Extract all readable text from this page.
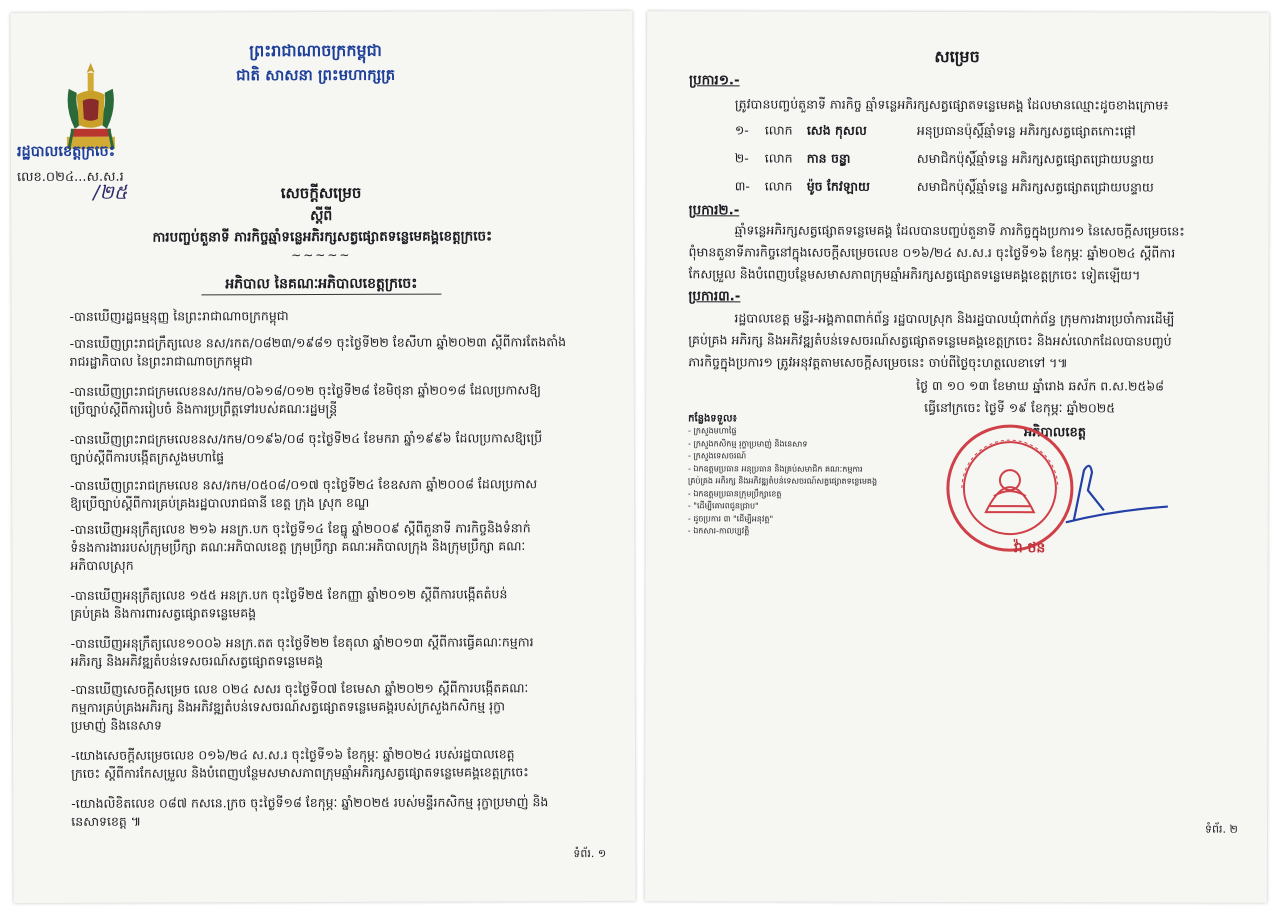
ព្រះរាជាណាចក្រកម្ពុជា
ជាតិ សាសនា ព្រះមហាក្សត្រ
រដ្ឋបាលខេត្តក្រចេះ
លេខ.០២៤...ស.ស.រ
/២៥	សេចក្តីសម្រេច
ស្តីពី
ការបញ្ចប់តួនាទី ភារកិច្ចឆ្មាំទន្លេអភិរក្សសត្វផ្សោតទន្លេមេគង្គខេត្តក្រចេះ
~~~~~
អភិបាល នៃគណៈអភិបាលខេត្តក្រចេះ
-បានឃើញរដ្ឋធម្មនុញ្ញ នៃព្រះរាជាណាចក្រកម្ពុជា
-បានឃើញព្រះរាជក្រឹត្យលេខ នស/រកត/០៨២៣/១៩៨១ ចុះថ្ងៃទី២២ ខែសីហា ឆ្នាំ២០២៣ ស្តីពីការតែងតាំង
រាជរដ្ឋាភិបាល នៃព្រះរាជាណាចក្រកម្ពុជា
-បានឃើញព្រះរាជក្រមលេខនស/រកម/០៦១៨/០១២ ចុះថ្ងៃទី២៨ ខែមិថុនា ឆ្នាំ២០១៨ ដែលប្រកាសឱ្យ
ប្រើច្បាប់ស្តីពីការរៀបចំ និងការប្រព្រឹត្តទៅរបស់គណៈរដ្ឋមន្ត្រី
-បានឃើញព្រះរាជក្រមលេខនស/រកម/០១៩៦/០៨ ចុះថ្ងៃទី២៤ ខែមករា ឆ្នាំ១៩៩៦ ដែលប្រកាសឱ្យប្រើ
ច្បាប់ស្តីពីការបង្កើតក្រសួងមហាផ្ទៃ
-បានឃើញព្រះរាជក្រមលេខ នស/រកម/០៥០៨/០១៧ ចុះថ្ងៃទី២៤ ខែឧសភា ឆ្នាំ២០០៨ ដែលប្រកាស
ឱ្យប្រើច្បាប់ស្តីពីការគ្រប់គ្រងរដ្ឋបាលរាជធានី ខេត្ត ក្រុង ស្រុក ខណ្ឌ
-បានឃើញអនុក្រឹត្យលេខ ២១៦ អនក្រ.បក ចុះថ្ងៃទី១៤ ខែធ្នូ ឆ្នាំ២០០៩ ស្តីពីតួនាទី ភារកិច្ចនិងទំនាក់
ទំនងការងាររបស់ក្រុមប្រឹក្សា គណៈអភិបាលខេត្ត ក្រុមប្រឹក្សា គណៈអភិបាលក្រុង និងក្រុមប្រឹក្សា គណៈ
អភិបាលស្រុក
-បានឃើញអនុក្រឹត្យលេខ ១៥៥ អនក្រ.បក ចុះថ្ងៃទី២៥ ខែកញ្ញា ឆ្នាំ២០១២ ស្តីពីការបង្កើតតំបន់
គ្រប់គ្រង និងការពារសត្វផ្សោតទន្លេមេគង្គ
-បានឃើញអនុក្រឹត្យលេខ១០០៦ អនក្រ.តត ចុះថ្ងៃទី២២ ខែតុលា ឆ្នាំ២០១៣ ស្តីពីការធ្វើគណៈកម្មការ
អភិរក្ស និងអភិវឌ្ឍតំបន់ទេសចរណ៍សត្វផ្សោតទន្លេមេគង្គ
-បានឃើញសេចក្តីសម្រេច លេខ ០២៤ សសរ ចុះថ្ងៃទី០៧ ខែមេសា ឆ្នាំ២០២១ ស្តីពីការបង្កើតគណៈ
កម្មការគ្រប់គ្រងអភិរក្ស និងអភិវឌ្ឍតំបន់ទេសចរណ៍សត្វផ្សោតទន្លេមេគង្គរបស់ក្រសួងកសិកម្ម រុក្ខា
ប្រមាញ់ និងនេសាទ
-យោងសេចក្តីសម្រេចលេខ ០១៦/២៤ ស.ស.រ ចុះថ្ងៃទី១៦ ខែកុម្ភៈ ឆ្នាំ២០២៤ របស់រដ្ឋបាលខេត្ត
ក្រចេះ ស្តីពីការកែសម្រួល និងបំពេញបន្ថែមសមាសភាពក្រុមឆ្មាំអភិរក្សសត្វផ្សោតទន្លេមេគង្គខេត្តក្រចេះ
-យោងលិខិតលេខ ០៨៧ កសនេ.ក្រច ចុះថ្ងៃទី១៨ ខែកុម្ភៈ ឆ្នាំ២០២៥ របស់មន្ទីរកសិកម្ម រុក្ខាប្រមាញ់ និង
នេសាទខេត្ត ៕
ទំព័រ. ១
សម្រេច
ប្រការ១.-
ត្រូវបានបញ្ចប់តួនាទី ភារកិច្ច ឆ្មាំទន្លេអភិរក្សសត្វផ្សោតទន្លេមេគង្គ ដែលមានឈ្មោះដូចខាងក្រោម៖
១- លោក សេង កុសល	អនុប្រធានប៉ុស្តិ៍ឆ្មាំទន្លេ អភិរក្សសត្វផ្សោតកោះផ្ដៅ
២- លោក កាន ចន្ធ្លា	សមាជិកប៉ុស្តិ៍ឆ្មាំទន្លេ អភិរក្សសត្វផ្សោតជ្រោយបន្ទាយ
៣- លោក ម៉ូច កែវឡាយ	សមាជិកប៉ុស្តិ៍ឆ្មាំទន្លេ អភិរក្សសត្វផ្សោតជ្រោយបន្ទាយ
ប្រការ២.-
ឆ្មាំទន្លេអភិរក្សសត្វផ្សោតទន្លេមេគង្គ ដែលបានបញ្ចប់តួនាទី ភារកិច្ចក្នុងប្រការ១ នៃសេចក្តីសម្រេចនេះ
ពុំមានតួនាទីភារកិច្ចនៅក្នុងសេចក្តីសម្រេចលេខ ០១៦/២៤ ស.ស.រ ចុះថ្ងៃទី១៦ ខែកុម្ភៈ ឆ្នាំ២០២៤ ស្តីពីការ
កែសម្រួល និងបំពេញបន្ថែមសមាសភាពក្រុមឆ្មាំអភិរក្សសត្វផ្សោតទន្លេមេគង្គខេត្តក្រចេះ ទៀតឡើយ។
ប្រការ៣.-
រដ្ឋបាលខេត្ត មន្ទីរ-អង្គភាពពាក់ព័ន្ធ រដ្ឋបាលស្រុក និងរដ្ឋបាលឃុំពាក់ព័ន្ធ ក្រុមការងារប្រចាំការដើម្បី
គ្រប់គ្រង អភិរក្ស និងអភិវឌ្ឍតំបន់ទេសចរណ៍សត្វផ្សោតទន្លេមេគង្គខេត្តក្រចេះ និងអស់លោកដែលបានបញ្ចប់
ភារកិច្ចក្នុងប្រការ១ ត្រូវអនុវត្តតាមសេចក្តីសម្រេចនេះ ចាប់ពីថ្ងៃចុះហត្ថលេខាទៅ ។៕
ថ្ងៃ ៣ ១០ ១៣ ខែមាឃ ឆ្នាំរោង ឆស័ក ព.ស.២៥៦៨
ធ្វើនៅក្រចេះ ថ្ងៃទី ១៩ ខែកុម្ភៈ ឆ្នាំ២០២៥
អភិបាលខេត្ត
វ៉ា ថន
កន្លែងទទួល៖
- ក្រសួងមហាផ្ទៃ
- ក្រសួងកសិកម្ម រុក្ខាប្រមាញ់ និងនេសាទ
- ក្រសួងទេសចរណ៍
- ឯកឧត្តមប្រធាន អនុប្រធាន និងគ្រប់សមាជិក គណៈកម្មការ
គ្រប់គ្រង អភិរក្ស និងអភិវឌ្ឍតំបន់ទេសចរណ៍សត្វផ្សោតទន្លេមេគង្គ
- ឯកឧត្តមប្រធានក្រុមប្រឹក្សាខេត្ត
- "ដើម្បីគោរពជូនជ្រាប"
- ដូចប្រការ ៣ "ដើម្បីអនុវត្ត"
- ឯកសារ-កាលប្បវត្តិ
ទំព័រ. ២
